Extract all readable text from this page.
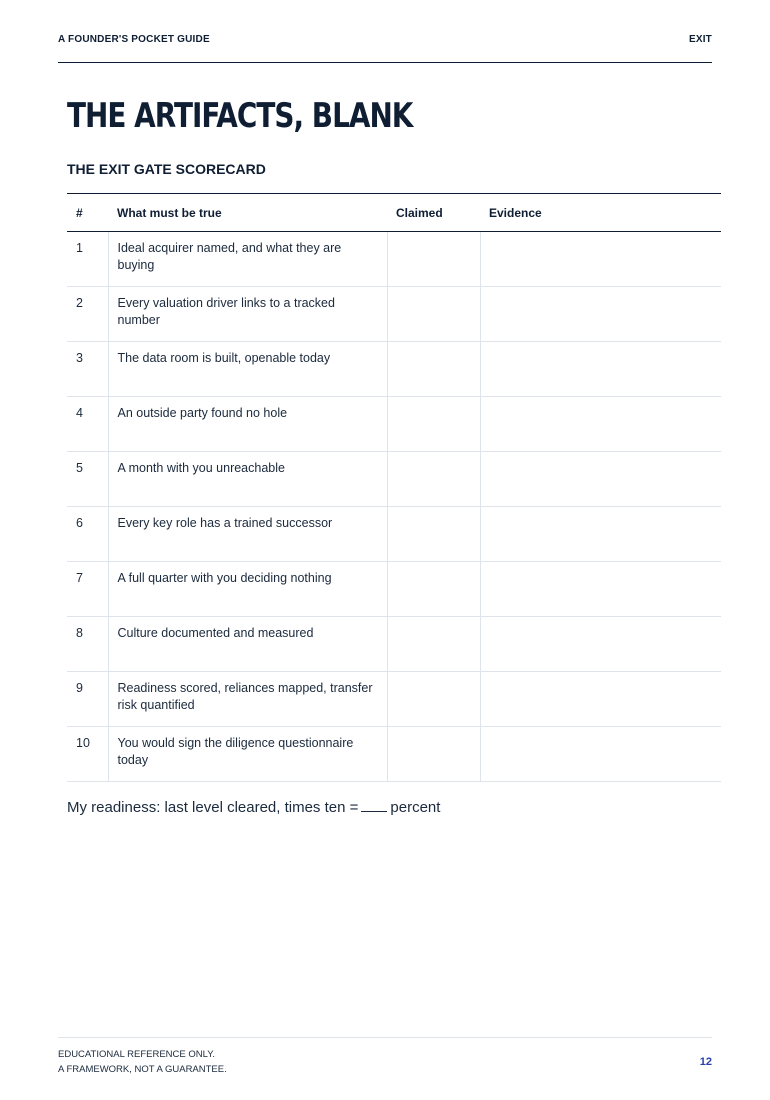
A FOUNDER'S POCKET GUIDE	EXIT
THE ARTIFACTS, BLANK
THE EXIT GATE SCORECARD
#	What must be true	Claimed	Evidence
1	Ideal acquirer named, and what they are buying		
2	Every valuation driver links to a tracked number		
3	The data room is built, openable today		
4	An outside party found no hole		
5	A month with you unreachable		
6	Every key role has a trained successor		
7	A full quarter with you deciding nothing		
8	Culture documented and measured		
9	Readiness scored, reliances mapped, transfer risk quantified		
10	You would sign the diligence questionnaire today		
My readiness: last level cleared, times ten = percent
EDUCATIONAL REFERENCE ONLY.
A FRAMEWORK, NOT A GUARANTEE.
12
